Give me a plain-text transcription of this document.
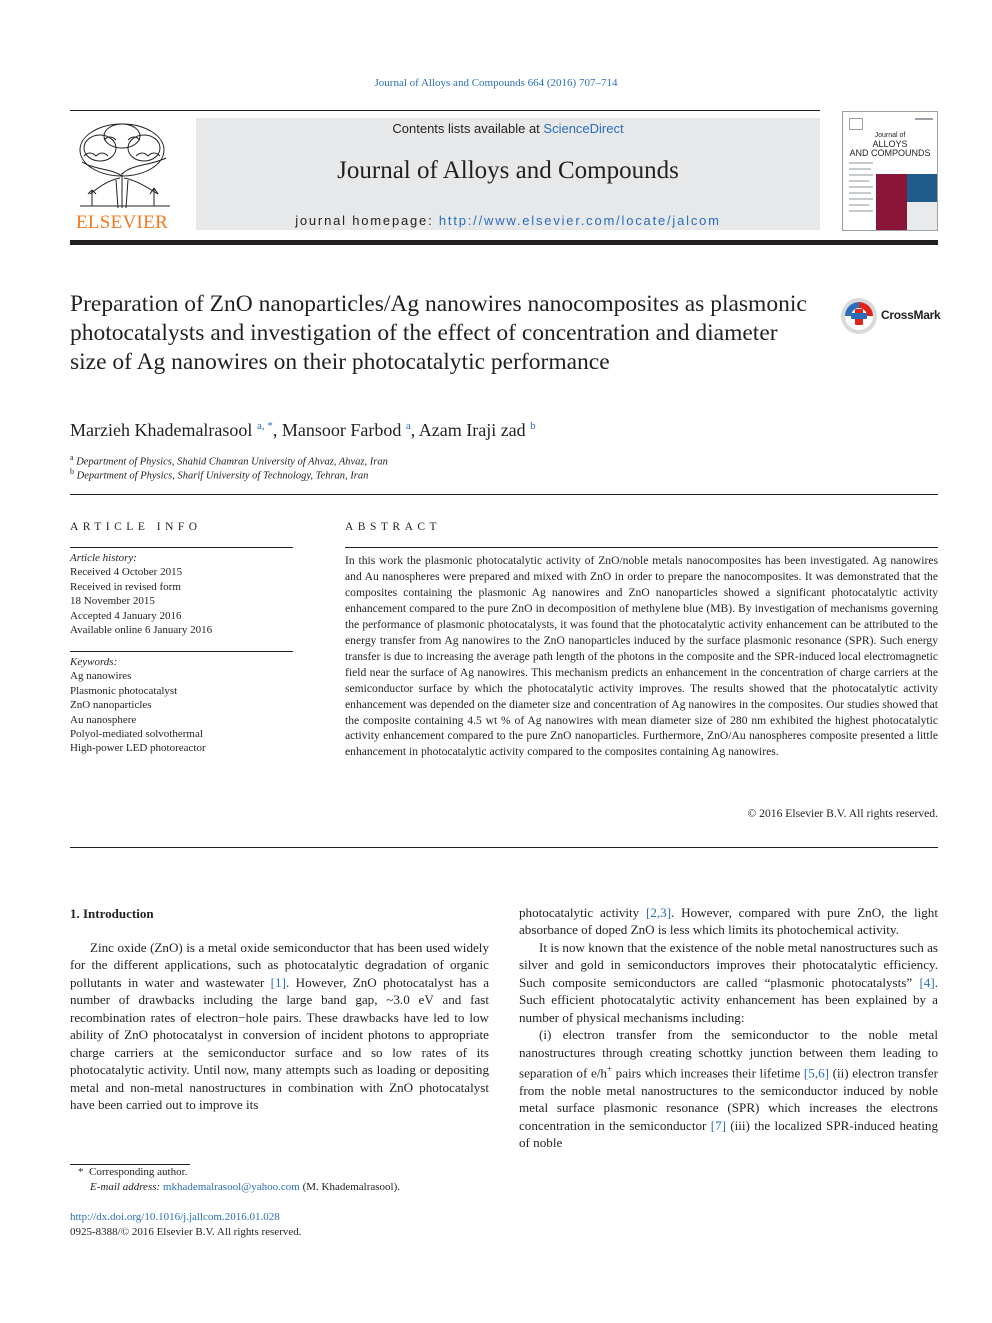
Journal of Alloys and Compounds 664 (2016) 707–714
ELSEVIER
Contents lists available at ScienceDirect
Journal of Alloys and Compounds
journal homepage: http://www.elsevier.com/locate/jalcom
Journal of
ALLOYS
AND COMPOUNDS
Preparation of ZnO nanoparticles/Ag nanowires nanocomposites as plasmonic photocatalysts and investigation of the effect of concentration and diameter size of Ag nanowires on their photocatalytic performance
CrossMark
Marzieh Khademalrasool $^{a, *}$, Mansoor Farbod $^a$, Azam Iraji zad $^b$
$^a$ Department of Physics, Shahid Chamran University of Ahvaz, Ahvaz, Iran
$^b$ Department of Physics, Sharif University of Technology, Tehran, Iran
ARTICLE INFO
Article history:
Received 4 October 2015
Received in revised form
18 November 2015
Accepted 4 January 2016
Available online 6 January 2016
Keywords:
Ag nanowires
Plasmonic photocatalyst
ZnO nanoparticles
Au nanosphere
Polyol-mediated solvothermal
High-power LED photoreactor
ABSTRACT
In this work the plasmonic photocatalytic activity of ZnO/noble metals nanocomposites has been investigated. Ag nanowires and Au nanospheres were prepared and mixed with ZnO in order to prepare the nanocomposites. It was demonstrated that the composites containing the plasmonic Ag nanowires and ZnO nanoparticles showed a significant photocatalytic activity enhancement compared to the pure ZnO in decomposition of methylene blue (MB). By investigation of mechanisms governing the performance of plasmonic photocatalysts, it was found that the photocatalytic activity enhancement can be attributed to the energy transfer from Ag nanowires to the ZnO nanoparticles induced by the surface plasmonic resonance (SPR). Such energy transfer is due to increasing the average path length of the photons in the composite and the SPR-induced local electromagnetic field near the surface of Ag nanowires. This mechanism predicts an enhancement in the concentration of charge carriers at the semiconductor surface by which the photocatalytic activity improves. The results showed that the photocatalytic activity enhancement was depended on the diameter size and concentration of Ag nanowires in the composites. Our studies showed that the composite containing 4.5 wt % of Ag nanowires with mean diameter size of 280 nm exhibited the highest photocatalytic activity enhancement compared to the pure ZnO nanoparticles. Furthermore, ZnO/Au nanospheres composite presented a little enhancement in photocatalytic activity compared to the composites containing Ag nanowires.
© 2016 Elsevier B.V. All rights reserved.
1. Introduction

Zinc oxide (ZnO) is a metal oxide semiconductor that has been used widely for the different applications, such as photocatalytic degradation of organic pollutants in water and wastewater [1]. However, ZnO photocatalyst has a number of drawbacks including the large band gap, ~3.0 eV and fast recombination rates of electron−hole pairs. These drawbacks have led to low ability of ZnO photocatalyst in conversion of incident photons to appropriate charge carriers at the semiconductor surface and so low rates of its photocatalytic activity. Until now, many attempts such as loading or depositing metal and non-metal nanostructures in combination with ZnO photocatalyst have been carried out to improve its

photocatalytic activity [2,3]. However, compared with pure ZnO, the light absorbance of doped ZnO is less which limits its photochemical activity.

It is now known that the existence of the noble metal nanostructures such as silver and gold in semiconductors improves their photocatalytic efficiency. Such composite semiconductors are called “plasmonic photocatalysts” [4]. Such efficient photocatalytic activity enhancement has been explained by a number of physical mechanisms including:

(i) electron transfer from the semiconductor to the noble metal nanostructures through creating schottky junction between them leading to separation of e/h+ pairs which increases their lifetime [5,6] (ii) electron transfer from the noble metal nanostructures to the semiconductor induced by noble metal surface plasmonic resonance (SPR) which increases the electrons concentration in the semiconductor [7] (iii) the localized SPR-induced heating of noble

* Corresponding author.
E-mail address: mkhademalrasool@yahoo.com (M. Khademalrasool).
http://dx.doi.org/10.1016/j.jallcom.2016.01.028
0925-8388/© 2016 Elsevier B.V. All rights reserved.
